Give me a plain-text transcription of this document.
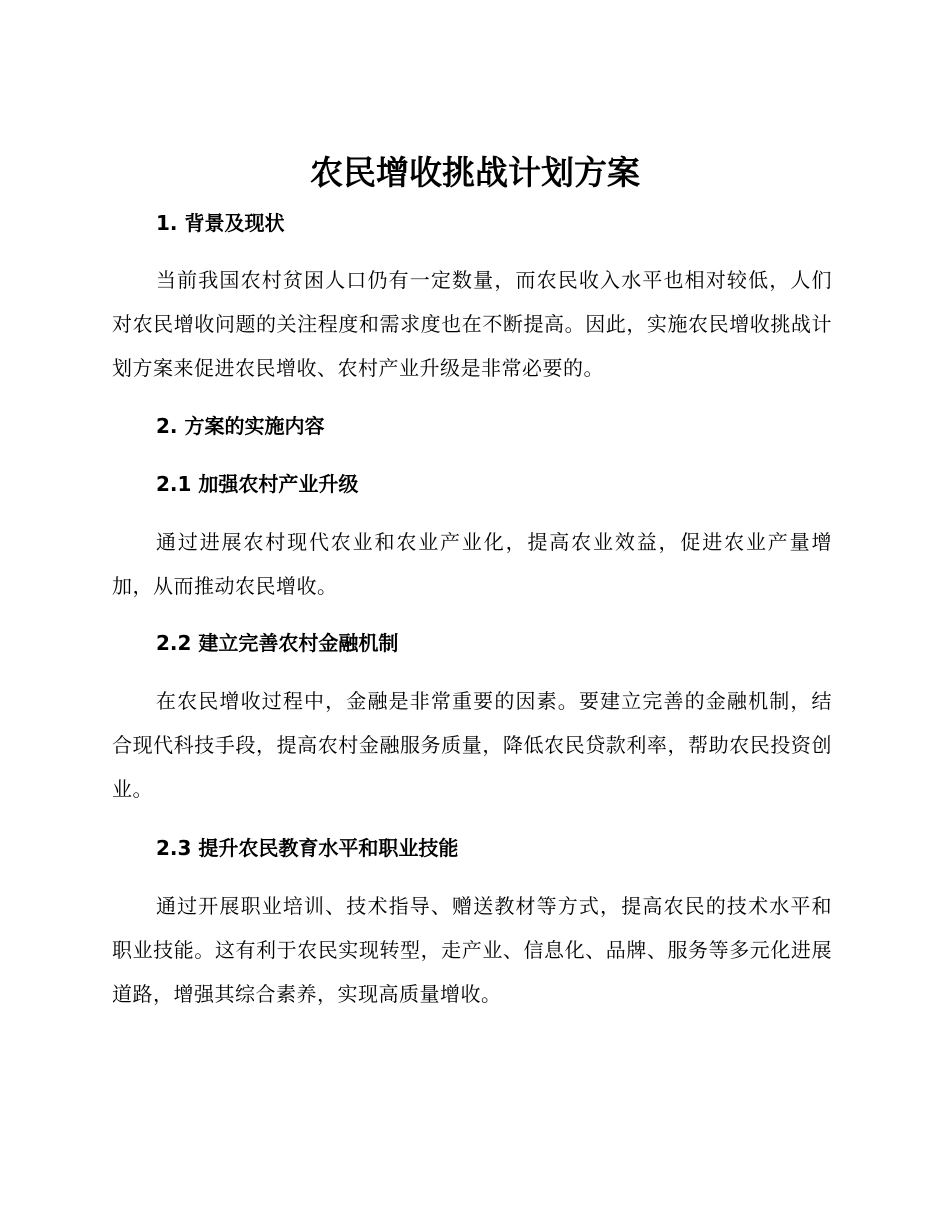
农民增收挑战计划方案
1. 背景及现状
当前我国农村贫困人口仍有一定数量，而农民收入水平也相对较低，人们对农民增收问题的关注程度和需求度也在不断提高。因此，实施农民增收挑战计划方案来促进农民增收、农村产业升级是非常必要的。
2. 方案的实施内容
2.1 加强农村产业升级
通过进展农村现代农业和农业产业化，提高农业效益，促进农业产量增加，从而推动农民增收。
2.2 建立完善农村金融机制
在农民增收过程中，金融是非常重要的因素。要建立完善的金融机制，结合现代科技手段，提高农村金融服务质量，降低农民贷款利率，帮助农民投资创业。
2.3 提升农民教育水平和职业技能
通过开展职业培训、技术指导、赠送教材等方式，提高农民的技术水平和职业技能。这有利于农民实现转型，走产业、信息化、品牌、服务等多元化进展道路，增强其综合素养，实现高质量增收。
